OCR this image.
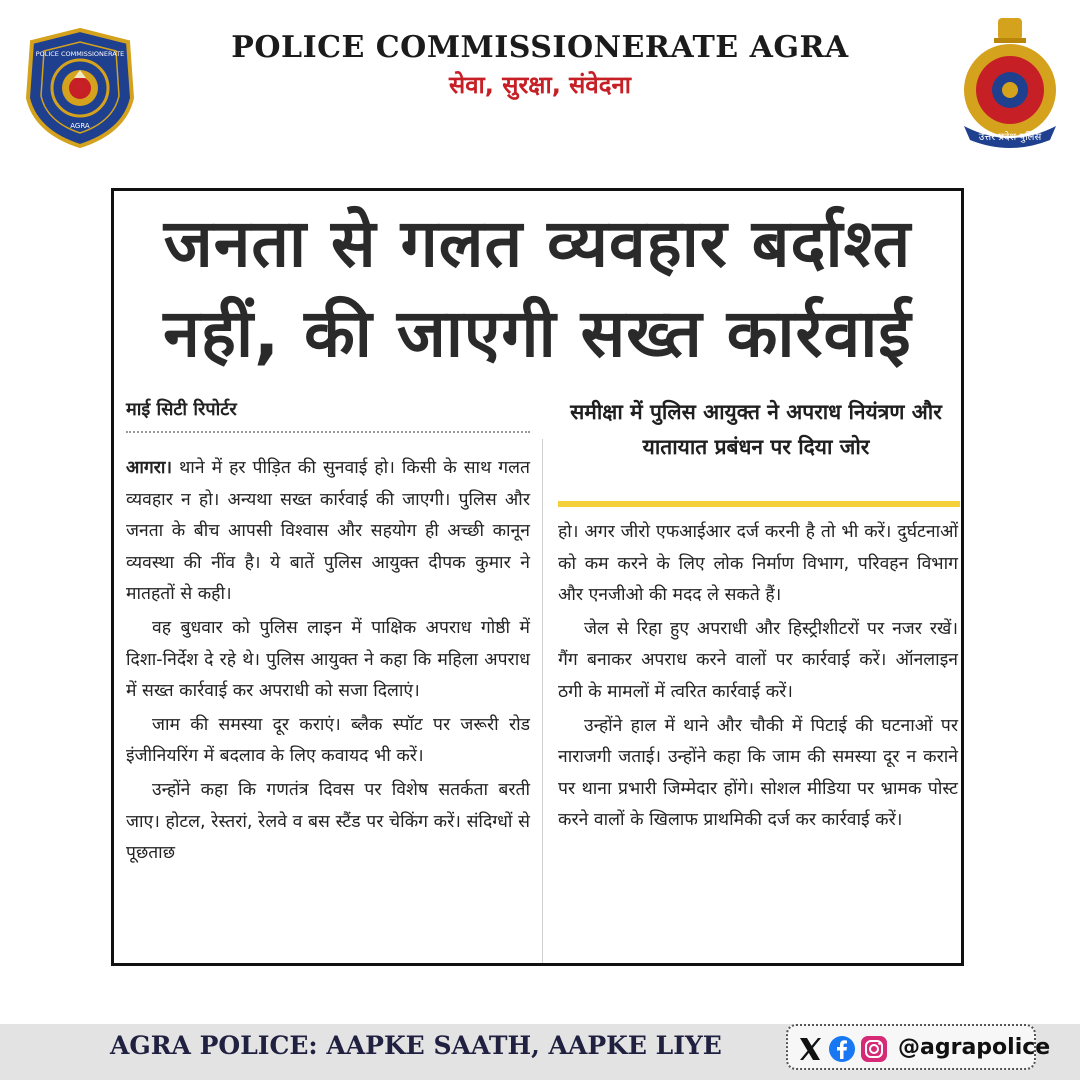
POLICE COMMISSIONERATE
AGRA
POLICE COMMISSIONERATE AGRA
सेवा, सुरक्षा, संवेदना
उत्तर प्रदेश पुलिस
जनता से गलत व्यवहार बर्दाश्त
नहीं, की जाएगी सख्त कार्रवाई
माई सिटी रिपोर्टर	समीक्षा में पुलिस आयुक्त ने अपराध नियंत्रण और यातायात प्रबंधन पर दिया जोर

आगरा। थाने में हर पीड़ित की सुनवाई हो। किसी के साथ गलत व्यवहार न हो। अन्यथा सख्त कार्रवाई की जाएगी। पुलिस और जनता के बीच आपसी विश्वास और सहयोग ही अच्छी कानून व्यवस्था की नींव है। ये बातें पुलिस आयुक्त दीपक कुमार ने मातहतों से कही।

वह बुधवार को पुलिस लाइन में पाक्षिक अपराध गोष्ठी में दिशा-निर्देश दे रहे थे। पुलिस आयुक्त ने कहा कि महिला अपराध में सख्त कार्रवाई कर अपराधी को सजा दिलाएं।

जाम की समस्या दूर कराएं। ब्लैक स्पॉट पर जरूरी रोड इंजीनियरिंग में बदलाव के लिए कवायद भी करें।

उन्होंने कहा कि गणतंत्र दिवस पर विशेष सतर्कता बरती जाए। होटल, रेस्तरां, रेलवे व बस स्टैंड पर चेकिंग करें। संदिग्धों से पूछताछ

हो। अगर जीरो एफआईआर दर्ज करनी है तो भी करें। दुर्घटनाओं को कम करने के लिए लोक निर्माण विभाग, परिवहन विभाग और एनजीओ की मदद ले सकते हैं।

जेल से रिहा हुए अपराधी और हिस्ट्रीशीटरों पर नजर रखें। गैंग बनाकर अपराध करने वालों पर कार्रवाई करें। ऑनलाइन ठगी के मामलों में त्वरित कार्रवाई करें।

उन्होंने हाल में थाने और चौकी में पिटाई की घटनाओं पर नाराजगी जताई। उन्होंने कहा कि जाम की समस्या दूर न कराने पर थाना प्रभारी जिम्मेदार होंगे। सोशल मीडिया पर भ्रामक पोस्ट करने वालों के खिलाफ प्राथमिकी दर्ज कर कार्रवाई करें।

AGRA POLICE: AAPKE SAATH, AAPKE LIYE	@agrapolice
